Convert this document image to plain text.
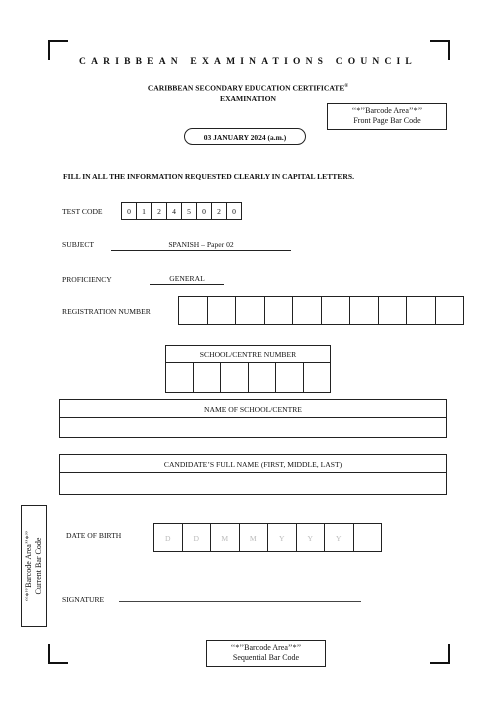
CARIBBEAN EXAMINATIONS COUNCIL
CARIBBEAN SECONDARY EDUCATION CERTIFICATE®
EXAMINATION
‘‘*’’Barcode Area’’*’’
Front Page Bar Code
03 JANUARY 2024 (a.m.)
FILL IN ALL THE INFORMATION REQUESTED CLEARLY IN CAPITAL LETTERS.
TEST CODE	0	1	2	4	5	0	2	0
SUBJECT	SPANISH – Paper 02
PROFICIENCY	GENERAL
REGISTRATION NUMBER
SCHOOL/CENTRE NUMBER
NAME OF SCHOOL/CENTRE
CANDIDATE’S FULL NAME (FIRST, MIDDLE, LAST)
‘‘*’’Barcode Area’’*’’ Current Bar Code
DATE OF BIRTH	D	D	M	M	Y	Y	Y
SIGNATURE
‘‘*’’Barcode Area’’*’’
Sequential Bar Code
